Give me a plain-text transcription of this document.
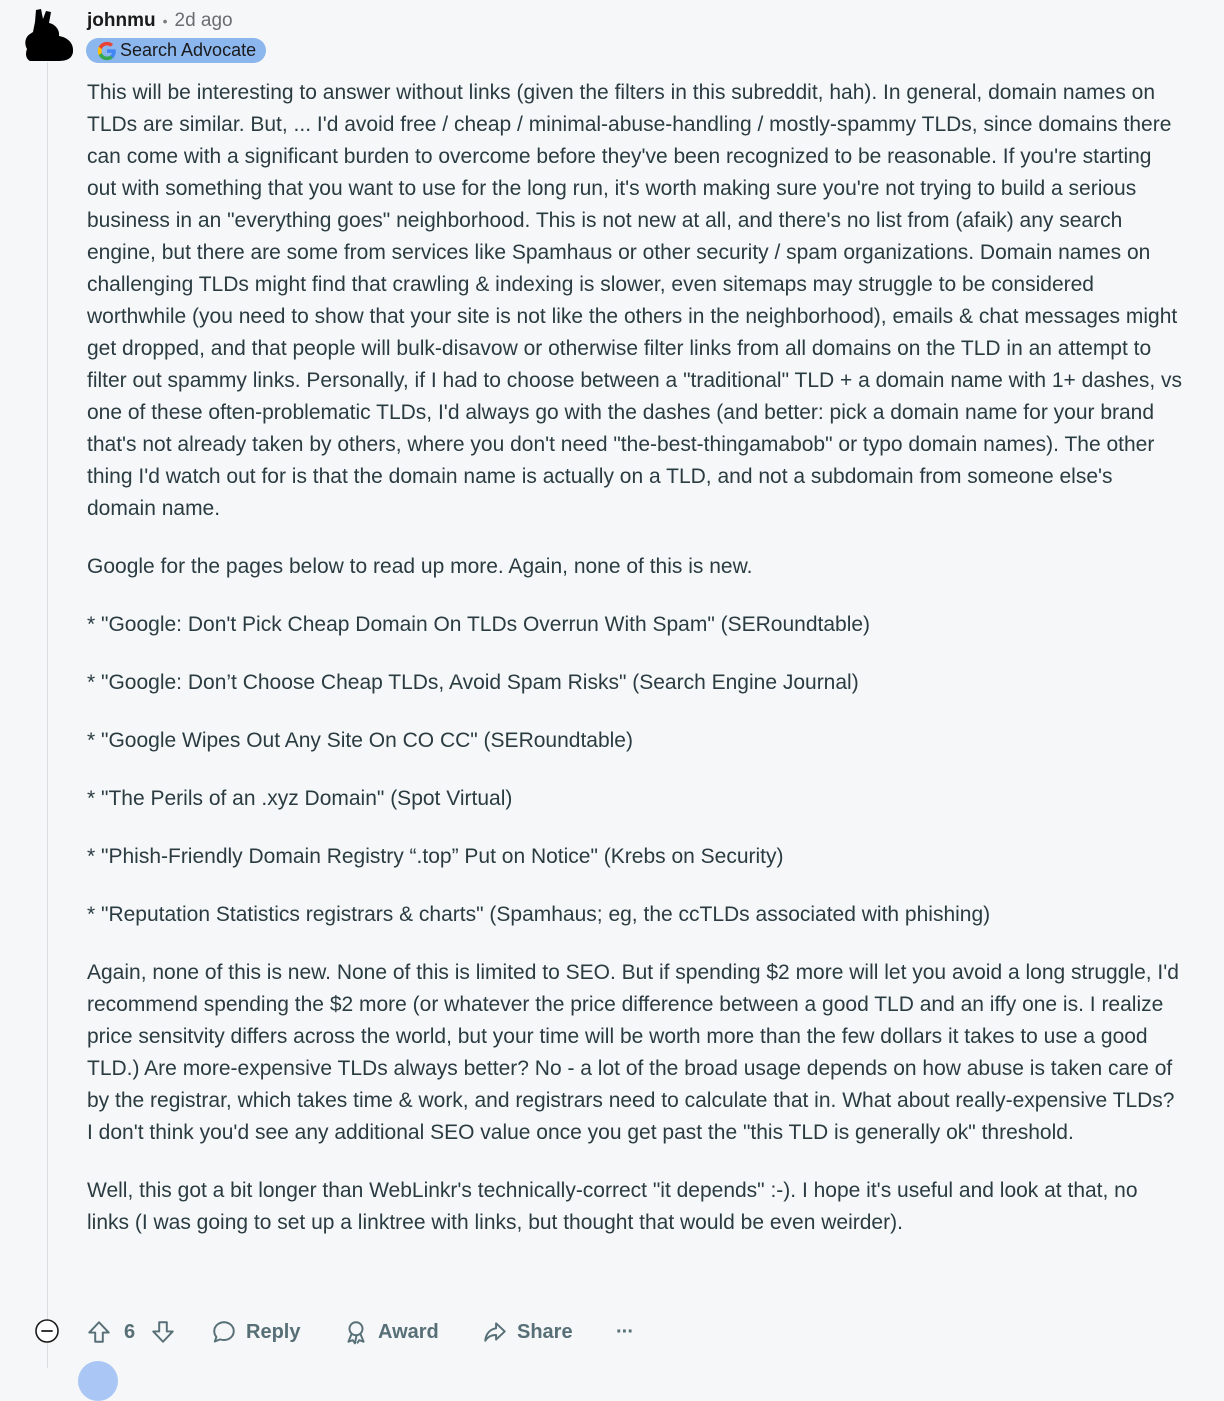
johnmu • 2d ago
Search Advocate

This will be interesting to answer without links (given the filters in this subreddit, hah). In general, domain names on TLDs are similar. But, ... I'd avoid free / cheap / minimal-abuse-handling / mostly-spammy TLDs, since domains there can come with a significant burden to overcome before they've been recognized to be reasonable. If you're starting out with something that you want to use for the long run, it's worth making sure you're not trying to build a serious business in an "everything goes" neighborhood. This is not new at all, and there's no list from (afaik) any search engine, but there are some from services like Spamhaus or other security / spam organizations. Domain names on challenging TLDs might find that crawling & indexing is slower, even sitemaps may struggle to be considered worthwhile (you need to show that your site is not like the others in the neighborhood), emails & chat messages might get dropped, and that people will bulk-disavow or otherwise filter links from all domains on the TLD in an attempt to filter out spammy links. Personally, if I had to choose between a "traditional" TLD + a domain name with 1+ dashes, vs one of these often-problematic TLDs, I'd always go with the dashes (and better: pick a domain name for your brand that's not already taken by others, where you don't need "the-best-thingamabob" or typo domain names). The other thing I'd watch out for is that the domain name is actually on a TLD, and not a subdomain from someone else's domain name.

Google for the pages below to read up more. Again, none of this is new.

* "Google: Don't Pick Cheap Domain On TLDs Overrun With Spam" (SERoundtable)

* "Google: Don’t Choose Cheap TLDs, Avoid Spam Risks" (Search Engine Journal)

* "Google Wipes Out Any Site On CO CC" (SERoundtable)

* "The Perils of an .xyz Domain" (Spot Virtual)

* "Phish-Friendly Domain Registry “.top” Put on Notice" (Krebs on Security)

* "Reputation Statistics registrars & charts" (Spamhaus; eg, the ccTLDs associated with phishing)

Again, none of this is new. None of this is limited to SEO. But if spending $2 more will let you avoid a long struggle, I'd recommend spending the $2 more (or whatever the price difference between a good TLD and an iffy one is. I realize price sensitvity differs across the world, but your time will be worth more than the few dollars it takes to use a good TLD.) Are more-expensive TLDs always better? No - a lot of the broad usage depends on how abuse is taken care of by the registrar, which takes time & work, and registrars need to calculate that in. What about really-expensive TLDs? I don't think you'd see any additional SEO value once you get past the "this TLD is generally ok" threshold.

Well, this got a bit longer than WebLinkr's technically-correct "it depends" :-). I hope it's useful and look at that, no links (I was going to set up a linktree with links, but thought that would be even weirder).

6	Reply	Award	Share ···
